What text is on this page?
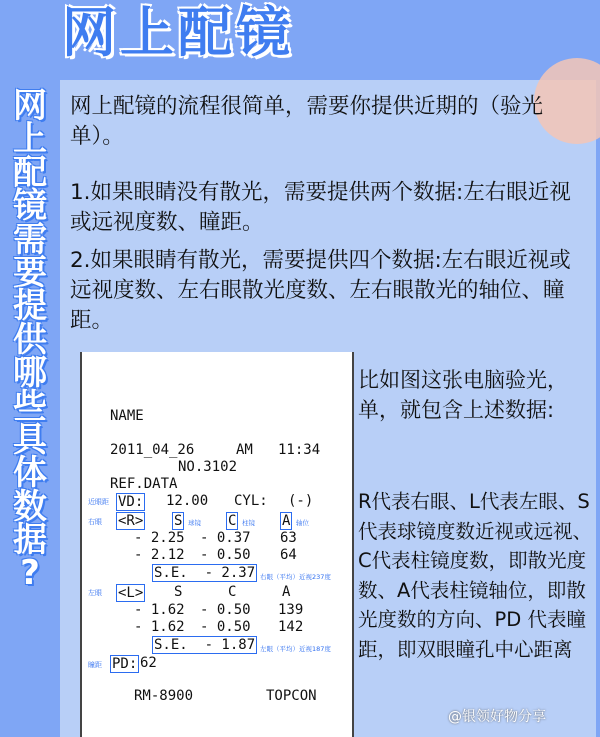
网上配镜
网
上
配
镜
需
要
提
供
哪
些
具
体
数
据
?
网上配镜的流程很简单，需要你提供近期的（验光单）。
1.如果眼睛没有散光，需要提供两个数据:左右眼近视或远视度数、瞳距。
2.如果眼睛有散光，需要提供四个数据:左右眼近视或远视度数、左右眼散光度数、左右眼散光的轴位、瞳距。
NAME
2011_04_26	AM 11:34
NO.3102
REF.DATA
近眼距 VD: 12.00 CYL: (-)
右眼 <R> S 球镜 C 柱镜 A 轴位
- 2.25 - 0.37 63
- 2.12 - 0.50 64
S.E.  - 2.37 右眼（平均）近视237度
左眼 <L> S	C	A
- 1.62 - 0.50 139
- 1.62 - 0.50 142
S.E.  - 1.87 左眼（平均）近视187度
瞳距 PD: 62
RM-8900	TOPCON
比如图这张电脑验光，单，就包含上述数据:
R代表右眼、L代表左眼、S代表球镜度数近视或远视、C代表柱镜度数，即散光度数、A代表柱镜轴位，即散光度数的方向、PD 代表瞳距，即双眼瞳孔中心距离
@银领好物分享
